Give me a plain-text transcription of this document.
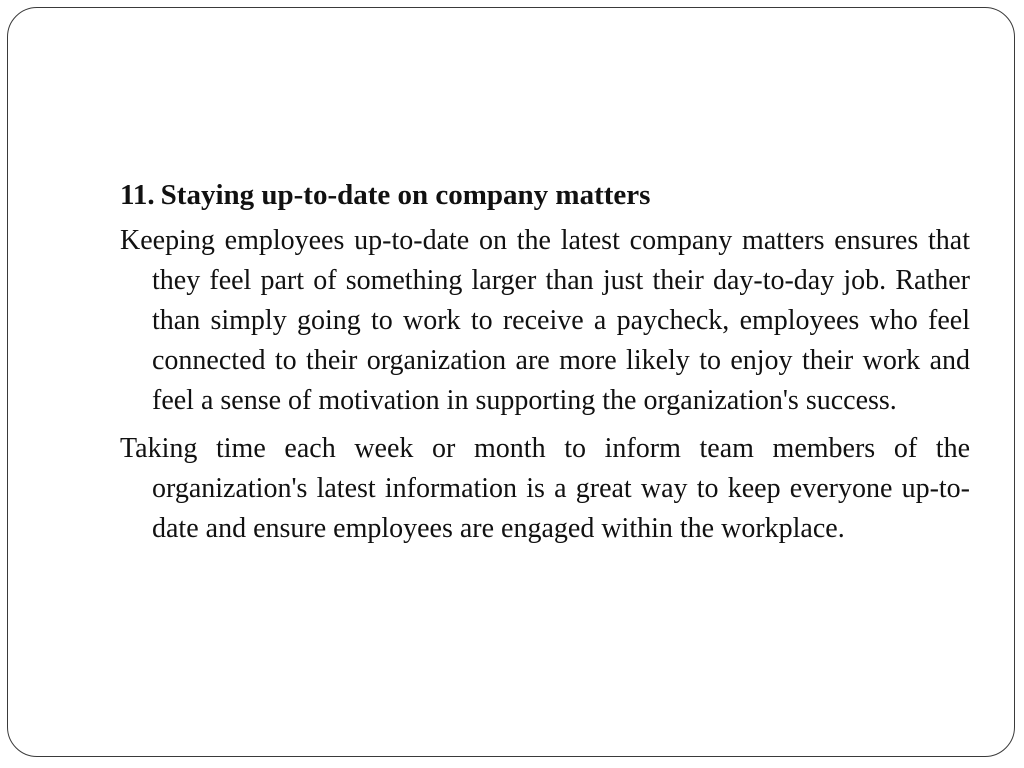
11. Staying up-to-date on company matters

Keeping employees up-to-date on the latest company matters ensures that they feel part of something larger than just their day-to-day job. Rather than simply going to work to receive a paycheck, employees who feel connected to their organization are more likely to enjoy their work and feel a sense of motivation in supporting the organization's success.

Taking time each week or month to inform team members of the organization's latest information is a great way to keep everyone up-to-date and ensure employees are engaged within the workplace.
